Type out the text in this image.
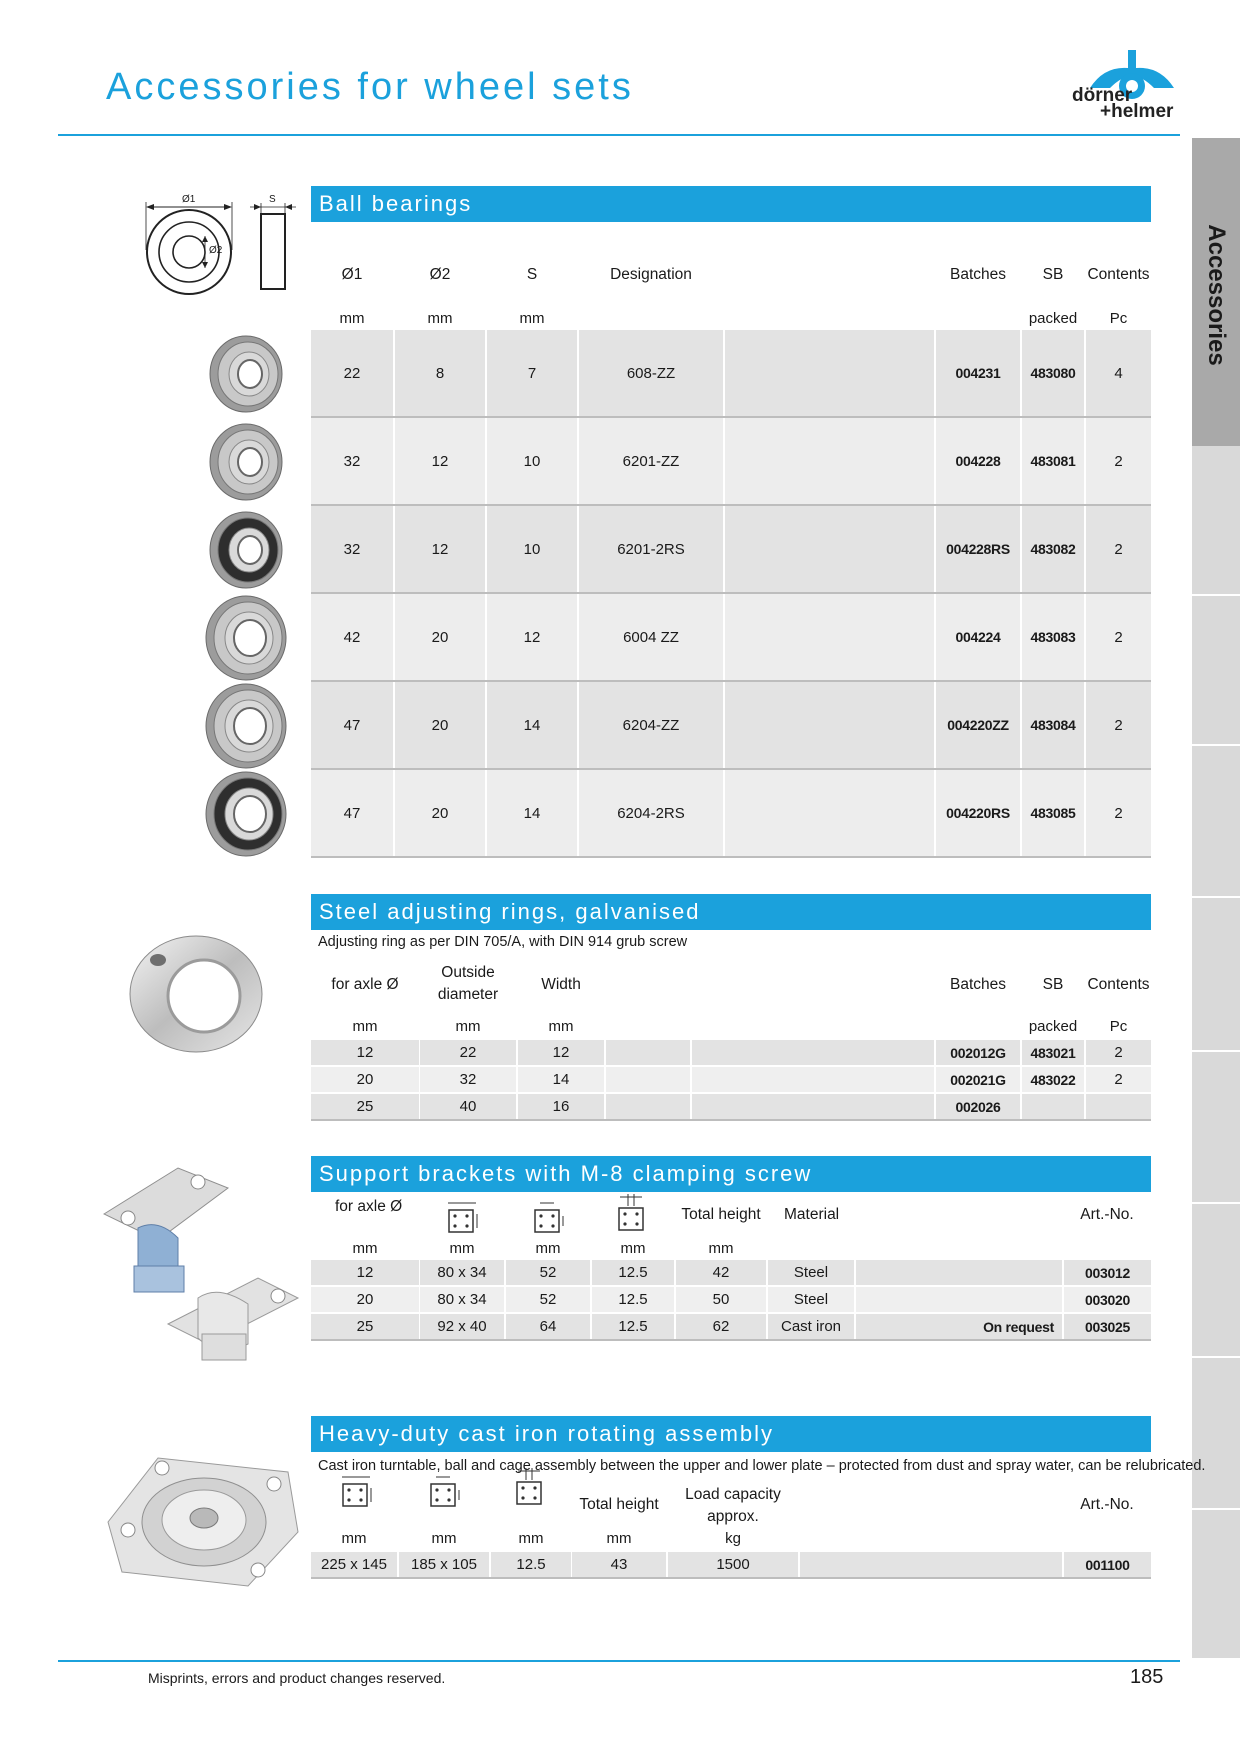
Accessories for wheel sets	dörner
+helmer
Accessories
Ø1
Ø2
S	Ball bearings
Ø1	Ø2	S	Designation	Batches	SB	Contents
mm	mm	mm	packed	Pc
22	8	7	608-ZZ	004231	483080	4
32	12	10	6201-ZZ	004228	483081	2
32	12	10	6201-2RS	004228RS	483082	2
42	20	12	6004 ZZ	004224	483083	2
47	20	14	6204-ZZ	004220ZZ	483084	2
47	20	14	6204-2RS	004220RS	483085	2
Steel adjusting rings, galvanised
Adjusting ring as per DIN 705/A, with DIN 914 grub screw
for axle Ø
Outside
diameter
Width	Batches	SB	Contents
mm	mm	mm	packed	Pc
12	22	12	002012G	483021	2
20	32	14	002021G	483022	2
25	40	16	002026
Support brackets with M-8 clamping screw
for axle Ø	Total height	Material	Art.-No.
mm	mm	mm	mm	mm
12	80 x 34	52	12.5	42	Steel	003012
20	80 x 34	52	12.5	50	Steel	003020
25	92 x 40	64	12.5	62	Cast iron	On request	003025
Heavy-duty cast iron rotating assembly
Cast iron turntable, ball and cage assembly between the upper and lower plate – protected from dust and spray water, can be relubricated.
Total height
Load capacity
approx.
Art.-No.
mm	mm	mm	mm	kg
225 x 145	185 x 105	12.5	43	1500	001100
Misprints, errors and product changes reserved.	185
